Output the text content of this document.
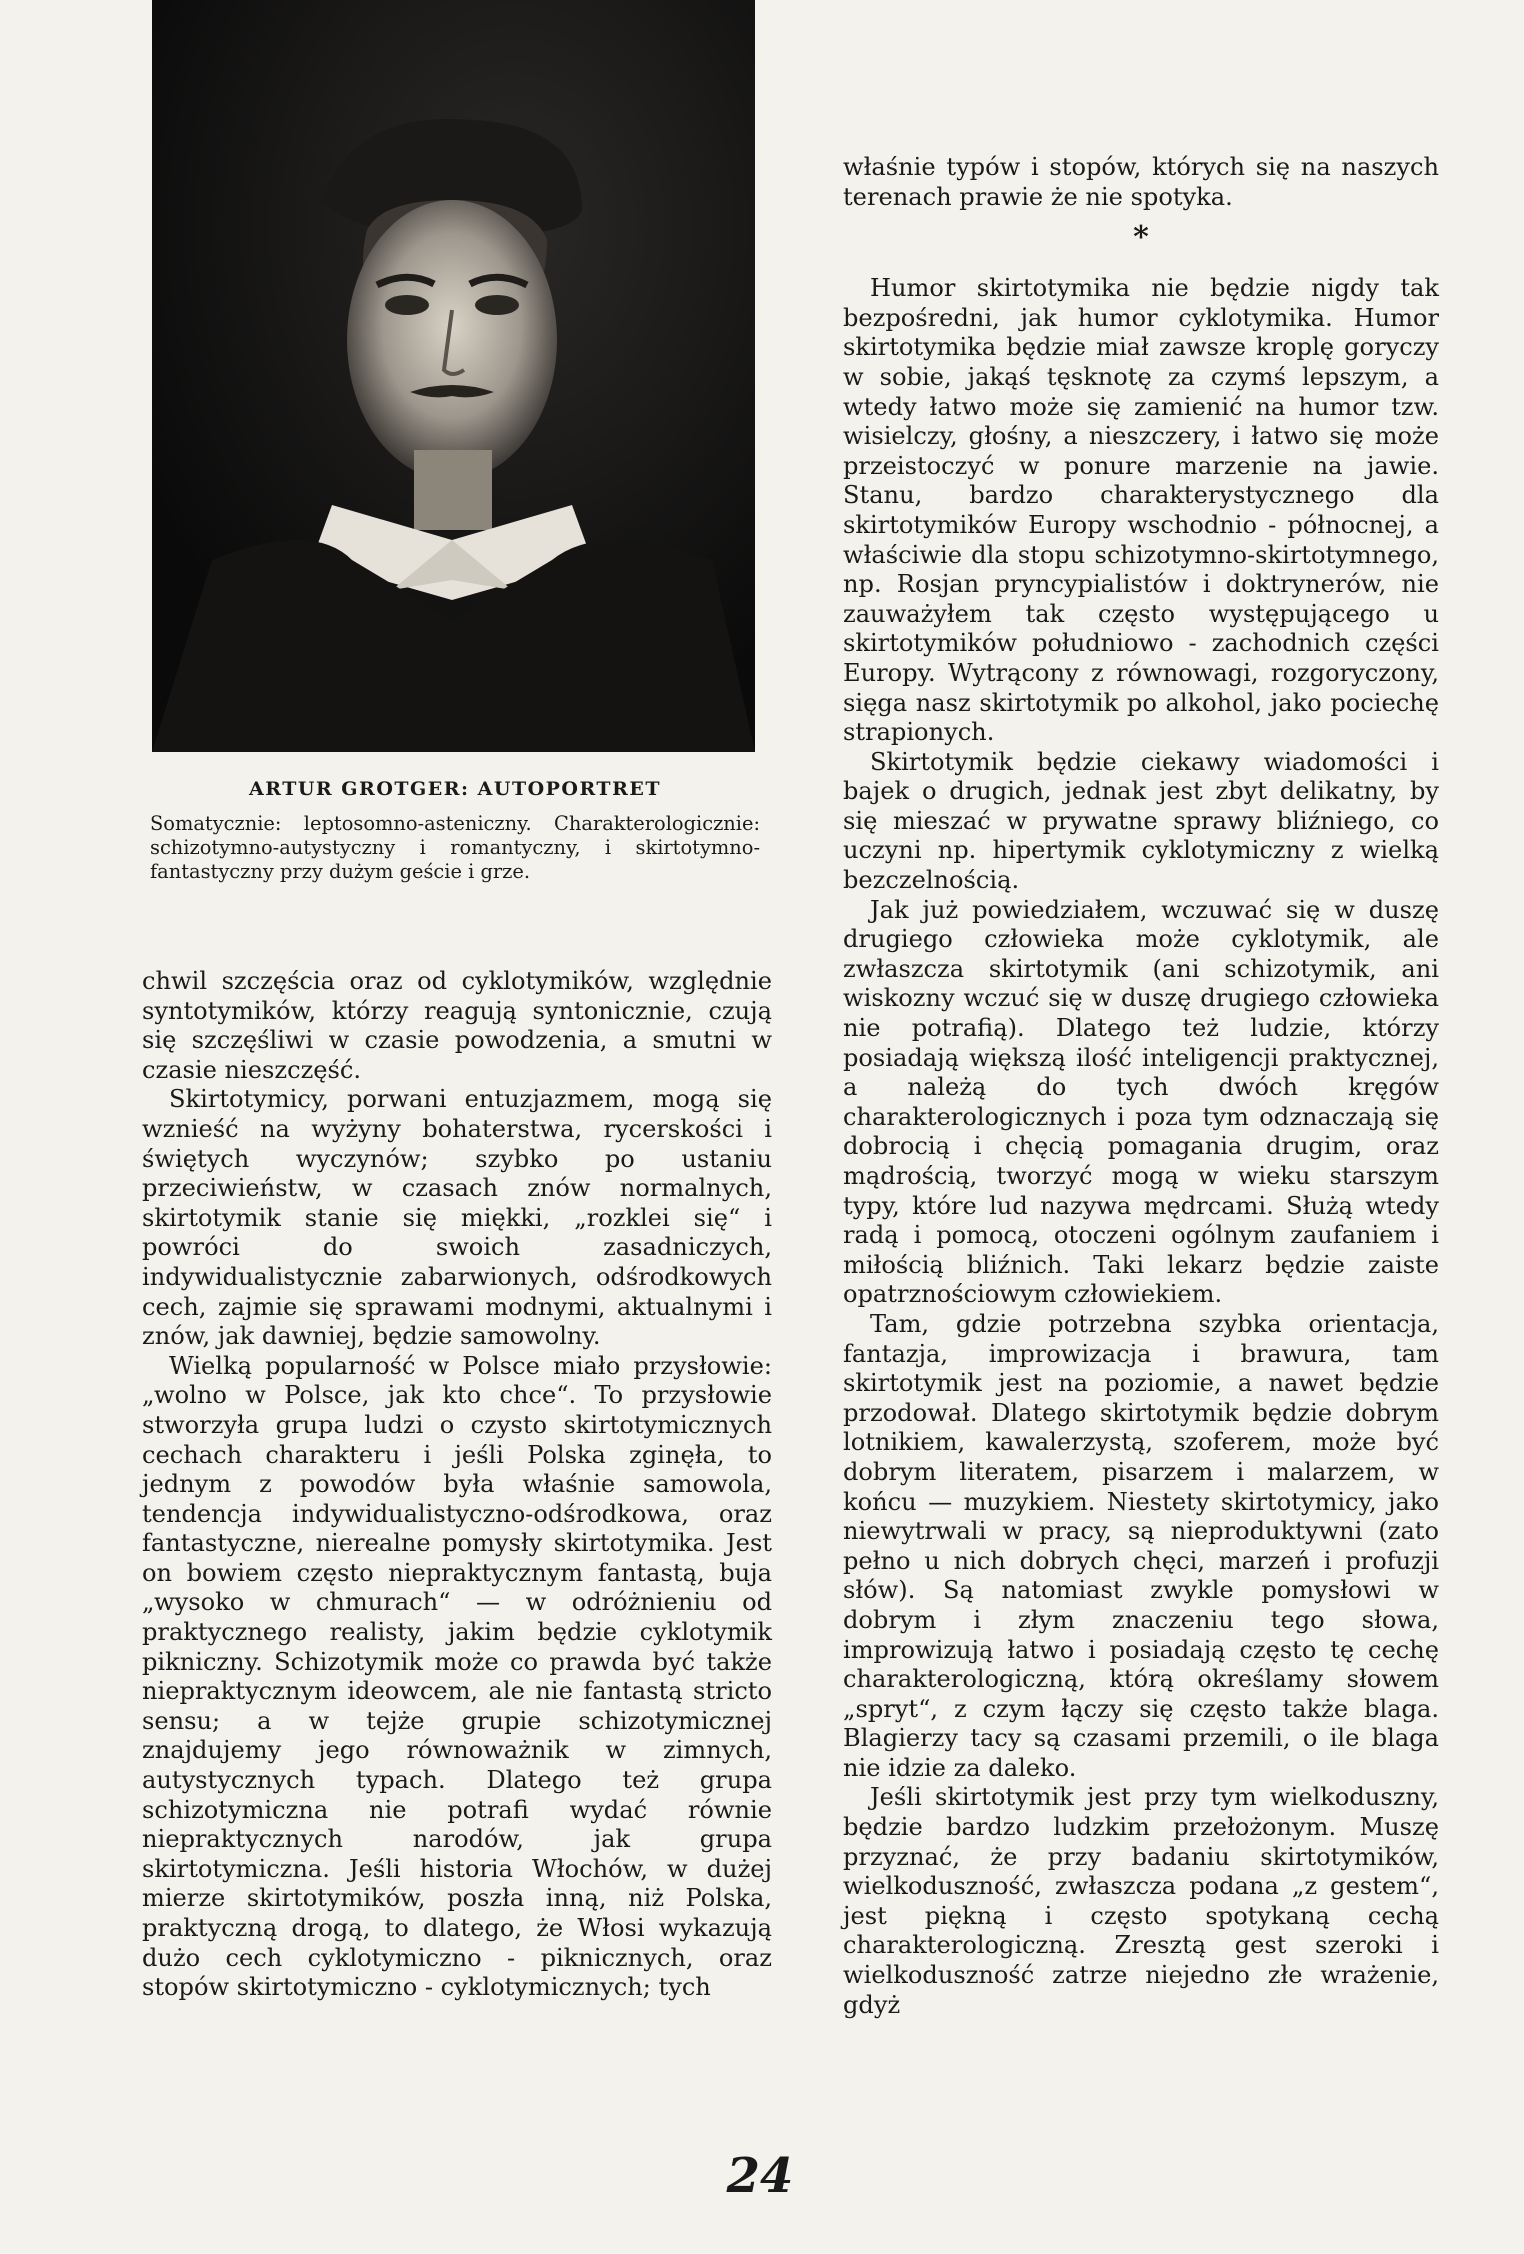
ARTUR GROTGER: AUTOPORTRET
Somatycznie: leptosomno-asteniczny. Charakterologicznie: schizotymno-autystyczny i romantyczny, i skirtotymno-fantastyczny przy dużym geście i grze.

właśnie typów i stopów, których się na naszych terenach prawie że nie spotyka.

*

Humor skirtotymika nie będzie nigdy tak bezpośredni, jak humor cyklotymika. Humor skirtotymika będzie miał zawsze kroplę goryczy w sobie, jakąś tęsknotę za czymś lepszym, a wtedy łatwo może się zamienić na humor tzw. wisielczy, głośny, a nieszczery, i łatwo się może przeistoczyć w ponure marzenie na jawie. Stanu, bardzo charakterystycznego dla skirtotymików Europy wschodnio - północnej, a właściwie dla stopu schizotymno-skirtotymnego, np. Rosjan pryncypialistów i doktrynerów, nie zauważyłem tak często występującego u skirtotymików południowo - zachodnich części Europy. Wytrącony z równowagi, rozgoryczony, sięga nasz skirtotymik po alkohol, jako pociechę strapionych.

Skirtotymik będzie ciekawy wiadomości i bajek o drugich, jednak jest zbyt delikatny, by się mieszać w prywatne sprawy bliźniego, co uczyni np. hipertymik cyklotymiczny z wielką bezczelnością.

Jak już powiedziałem, wczuwać się w duszę drugiego człowieka może cyklotymik, ale zwłaszcza skirtotymik (ani schizotymik, ani wiskozny wczuć się w duszę drugiego człowieka nie potrafią). Dlatego też ludzie, którzy posiadają większą ilość inteligencji praktycznej, a należą do tych dwóch kręgów charakterologicznych i poza tym odznaczają się dobrocią i chęcią pomagania drugim, oraz mądrością, tworzyć mogą w wieku starszym typy, które lud nazywa mędrcami. Służą wtedy radą i pomocą, otoczeni ogólnym zaufaniem i miłością bliźnich. Taki lekarz będzie zaiste opatrznościowym człowiekiem.

Tam, gdzie potrzebna szybka orientacja, fantazja, improwizacja i brawura, tam skirtotymik jest na poziomie, a nawet będzie przodował. Dlatego skirtotymik będzie dobrym lotnikiem, kawalerzystą, szoferem, może być dobrym literatem, pisarzem i malarzem, w końcu — muzykiem. Niestety skirtotymicy, jako niewytrwali w pracy, są nieproduktywni (zato pełno u nich dobrych chęci, marzeń i profuzji słów). Są natomiast zwykle pomysłowi w dobrym i złym znaczeniu tego słowa, improwizują łatwo i posiadają często tę cechę charakterologiczną, którą określamy słowem „spryt“, z czym łączy się często także blaga. Blagierzy tacy są czasami przemili, o ile blaga nie idzie za daleko.

Jeśli skirtotymik jest przy tym wielkoduszny, będzie bardzo ludzkim przełożonym. Muszę przyznać, że przy badaniu skirtotymików, wielkoduszność, zwłaszcza podana „z gestem“, jest piękną i często spotykaną cechą charakterologiczną. Zresztą gest szeroki i wielkoduszność zatrze niejedno złe wrażenie, gdyż

chwil szczęścia oraz od cyklotymików, względnie syntotymików, którzy reagują syntonicznie, czują się szczęśliwi w czasie powodzenia, a smutni w czasie nieszczęść.

Skirtotymicy, porwani entuzjazmem, mogą się wznieść na wyżyny bohaterstwa, rycerskości i świętych wyczynów; szybko po ustaniu przeciwieństw, w czasach znów normalnych, skirtotymik stanie się miękki, „rozklei się“ i powróci do swoich zasadniczych, indywidualistycznie zabarwionych, odśrodkowych cech, zajmie się sprawami modnymi, aktualnymi i znów, jak dawniej, będzie samowolny.

Wielką popularność w Polsce miało przysłowie: „wolno w Polsce, jak kto chce“. To przysłowie stworzyła grupa ludzi o czysto skirtotymicznych cechach charakteru i jeśli Polska zginęła, to jednym z powodów była właśnie samowola, tendencja indywidualistyczno-odśrodkowa, oraz fantastyczne, nierealne pomysły skirtotymika. Jest on bowiem często niepraktycznym fantastą, buja „wysoko w chmurach“ — w odróżnieniu od praktycznego realisty, jakim będzie cyklotymik pikniczny. Schizotymik może co prawda być także niepraktycznym ideowcem, ale nie fantastą stricto sensu; a w tejże grupie schizotymicznej znajdujemy jego równoważnik w zimnych, autystycznych typach. Dlatego też grupa schizotymiczna nie potrafi wydać równie niepraktycznych narodów, jak grupa skirtotymiczna. Jeśli historia Włochów, w dużej mierze skirtotymików, poszła inną, niż Polska, praktyczną drogą, to dlatego, że Włosi wykazują dużo cech cyklotymiczno - piknicznych, oraz stopów skirtotymiczno - cyklotymicznych; tych

24
